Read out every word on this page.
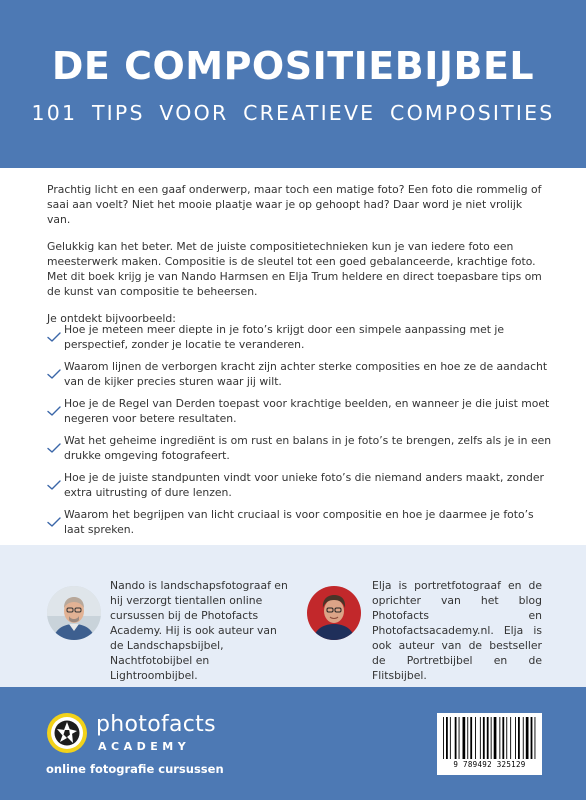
DE COMPOSITIEBIJBEL
101 TIPS VOOR CREATIEVE COMPOSITIES

Prachtig licht en een gaaf onderwerp, maar toch een matige foto? Een foto die rommelig of saai aan voelt? Niet het mooie plaatje waar je op gehoopt had? Daar word je niet vrolijk van.

Gelukkig kan het beter. Met de juiste compositietechnieken kun je van iedere foto een meesterwerk maken. Compositie is de sleutel tot een goed gebalanceerde, krachtige foto. Met dit boek krijg je van Nando Harmsen en Elja Trum heldere en direct toepasbare tips om de kunst van compositie te beheersen.

Je ontdekt bijvoorbeeld:

Hoe je meteen meer diepte in je foto’s krijgt door een simpele aanpassing met je perspectief, zonder je locatie te veranderen.
Waarom lijnen de verborgen kracht zijn achter sterke composities en hoe ze de aandacht van de kijker precies sturen waar jij wilt.
Hoe je de Regel van Derden toepast voor krachtige beelden, en wanneer je die juist moet negeren voor betere resultaten.
Wat het geheime ingrediënt is om rust en balans in je foto’s te brengen, zelfs als je in een drukke omgeving fotografeert.
Hoe je de juiste standpunten vindt voor unieke foto’s die niemand anders maakt, zonder extra uitrusting of dure lenzen.
Waarom het begrijpen van licht cruciaal is voor compositie en hoe je daarmee je foto’s laat spreken.
Nando is landschapsfotograaf en hij verzorgt tientallen online cursussen bij de Photofacts Academy. Hij is ook auteur van de Landschapsbijbel, Nachtfotobijbel en Lightroombijbel.
Elja is portretfotograaf en de oprichter van het blog Photofacts en Photofactsacademy.nl. Elja is ook auteur van de bestseller de Portretbijbel en de Flitsbijbel.
photofacts
ACADEMY
online fotografie cursussen	9 789492 325129
